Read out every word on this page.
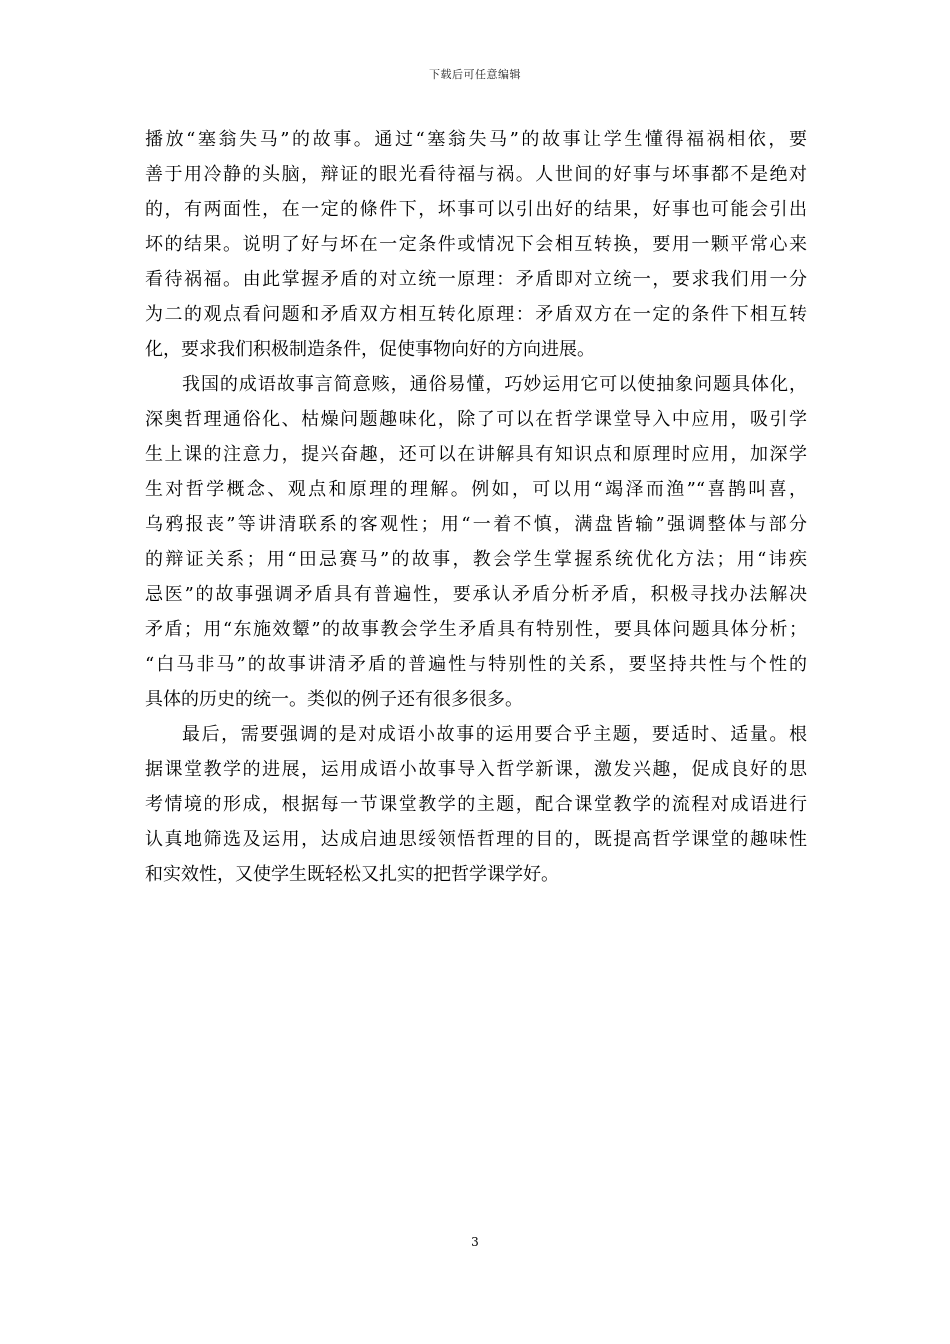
下载后可任意编辑
播放“塞翁失马”的故事。通过“塞翁失马”的故事让学生懂得福祸相依，要
善于用冷静的头脑，辩证的眼光看待福与祸。人世间的好事与坏事都不是绝对
的，有两面性，在一定的條件下，坏事可以引出好的结果，好事也可能会引出
坏的结果。说明了好与坏在一定条件或情况下会相互转换，要用一颗平常心来
看待祸福。由此掌握矛盾的对立统一原理：矛盾即对立统一，要求我们用一分
为二的观点看问题和矛盾双方相互转化原理：矛盾双方在一定的条件下相互转
化，要求我们积极制造条件，促使事物向好的方向进展。
我国的成语故事言简意赅，通俗易懂，巧妙运用它可以使抽象问题具体化，
深奥哲理通俗化、枯燥问题趣味化，除了可以在哲学课堂导入中应用，吸引学
生上课的注意力，提兴奋趣，还可以在讲解具有知识点和原理时应用，加深学
生对哲学概念、观点和原理的理解。例如，可以用“竭泽而渔”“喜鹊叫喜，
乌鸦报丧”等讲清联系的客观性；用“一着不慎，满盘皆输”强调整体与部分
的辩证关系；用“田忌赛马”的故事，教会学生掌握系统优化方法；用“讳疾
忌医”的故事强调矛盾具有普遍性，要承认矛盾分析矛盾，积极寻找办法解决
矛盾；用“东施效颦”的故事教会学生矛盾具有特别性，要具体问题具体分析；
“白马非马”的故事讲清矛盾的普遍性与特别性的关系，要坚持共性与个性的
具体的历史的统一。类似的例子还有很多很多。
最后，需要强调的是对成语小故事的运用要合乎主题，要适时、适量。根
据课堂教学的进展，运用成语小故事导入哲学新课，激发兴趣，促成良好的思
考情境的形成，根据每一节课堂教学的主题，配合课堂教学的流程对成语进行
认真地筛选及运用，达成启迪思绥领悟哲理的目的，既提高哲学课堂的趣味性
和实效性，又使学生既轻松又扎实的把哲学课学好。
3
